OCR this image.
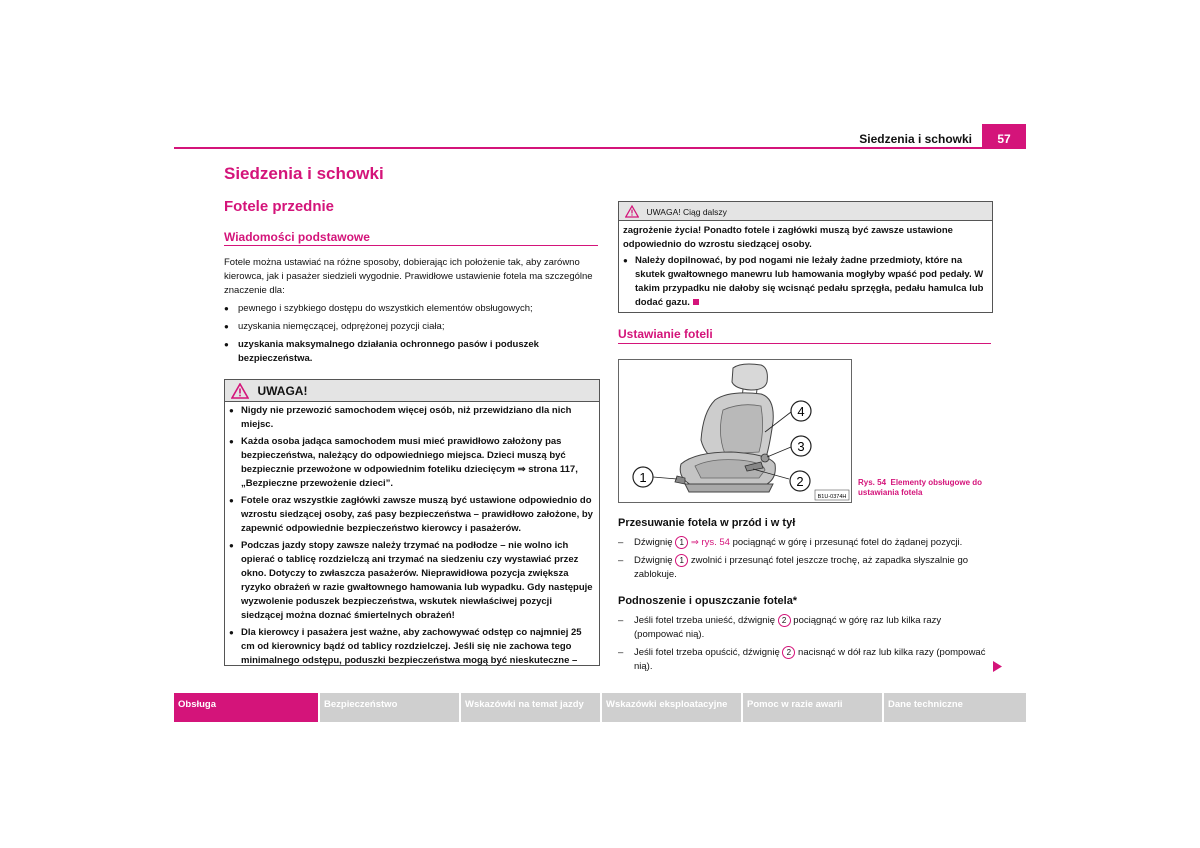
Siedzenia i schowki	57
Siedzenia i schowki
Fotele przednie
Wiadomości podstawowe
Fotele można ustawiać na różne sposoby, dobierając ich położenie tak, aby zarówno kierowca, jak i pasażer siedzieli wygodnie. Prawidłowe ustawienie fotela ma szczególne znaczenie dla:
● pewnego i szybkiego dostępu do wszystkich elementów obsługowych;
● uzyskania niemęczącej, odprężonej pozycji ciała;
● uzyskania maksymalnego działania ochronnego pasów i poduszek bezpieczeństwa.
UWAGA!
● Nigdy nie przewozić samochodem więcej osób, niż przewidziano dla nich miejsc.
● Każda osoba jadąca samochodem musi mieć prawidłowo założony pas bezpieczeństwa, należący do odpowiedniego miejsca. Dzieci muszą być bezpiecznie przewożone w odpowiednim foteliku dziecięcym ⇒ strona 117, „Bezpieczne przewożenie dzieci”.
● Fotele oraz wszystkie zagłówki zawsze muszą być ustawione odpowiednio do wzrostu siedzącej osoby, zaś pasy bezpieczeństwa – prawidłowo założone, by zapewnić odpowiednie bezpieczeństwo kierowcy i pasażerów.
● Podczas jazdy stopy zawsze należy trzymać na podłodze – nie wolno ich opierać o tablicę rozdzielczą ani trzymać na siedzeniu czy wystawiać przez okno. Dotyczy to zwłaszcza pasażerów. Nieprawidłowa pozycja zwiększa ryzyko obrażeń w razie gwałtownego hamowania lub wypadku. Gdy następuje wyzwolenie poduszek bezpieczeństwa, wskutek niewłaściwej pozycji siedzącej można doznać śmiertelnych obrażeń!
● Dla kierowcy i pasażera jest ważne, aby zachowywać odstęp co najmniej 25 cm od kierownicy bądź od tablicy rozdzielczej. Jeśli się nie zachowa tego minimalnego odstępu, poduszki bezpieczeństwa mogą być nieskuteczne –
UWAGA! Ciąg dalszy
zagrożenie życia! Ponadto fotele i zagłówki muszą być zawsze ustawione odpowiednio do wzrostu siedzącej osoby.
● Należy dopilnować, by pod nogami nie leżały żadne przedmioty, które na skutek gwałtownego manewru lub hamowania mogłyby wpaść pod pedały. W takim przypadku nie dałoby się wcisnąć pedału sprzęgła, pedału hamulca lub dodać gazu.
Ustawianie foteli
1	2
3
4
B1U-0374H
Rys. 54 Elementy obsługowe do ustawiania fotela
Przesuwanie fotela w przód i w tył
– Dźwignię 1 ⇒ rys. 54 pociągnąć w górę i przesunąć fotel do żądanej pozycji.
– Dźwignię 1 zwolnić i przesunąć fotel jeszcze trochę, aż zapadka słyszalnie go zablokuje.
Podnoszenie i opuszczanie fotela*
– Jeśli fotel trzeba unieść, dźwignię 2 pociągnąć w górę raz lub kilka razy (pompować nią).
– Jeśli fotel trzeba opuścić, dźwignię 2 nacisnąć w dół raz lub kilka razy (pompować nią).
Obsługa	Bezpieczeństwo	Wskazówki na temat jazdy	Wskazówki eksploatacyjne	Pomoc w razie awarii	Dane techniczne
